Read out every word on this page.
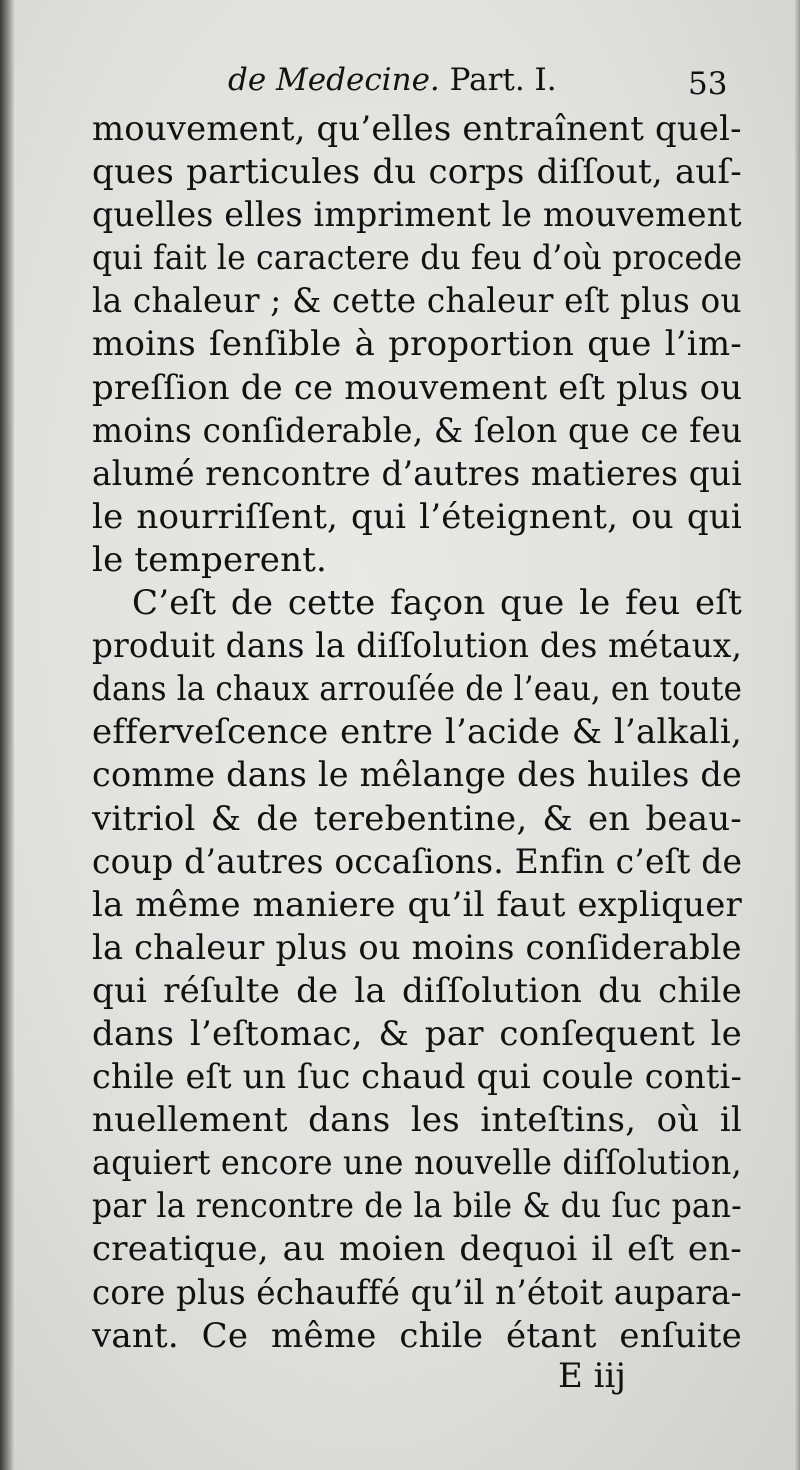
de Medecine. Part. I.	53
mouvement, qu’elles entraînent quel-
ques particules du corps diſſout, auſ-
quelles elles impriment le mouvement
qui fait le caractere du feu d’où procede
la chaleur ; & cette chaleur eſt plus ou
moins ſenſible à proportion que l’im-
preſſion de ce mouvement eſt plus ou
moins conſiderable, & ſelon que ce feu
alumé rencontre d’autres matieres qui
le nourriſſent, qui l’éteignent, ou qui
le temperent.
C’eſt de cette façon que le feu eſt
produit dans la diſſolution des métaux,
dans la chaux arrouſée de l’eau, en toute
efferveſcence entre l’acide & l’alkali,
comme dans le mêlange des huiles de
vitriol & de terebentine, & en beau-
coup d’autres occaſions. Enfin c’eſt de
la même maniere qu’il faut expliquer
la chaleur plus ou moins conſiderable
qui réſulte de la diſſolution du chile
dans l’eſtomac, & par conſequent le
chile eſt un ſuc chaud qui coule conti-
nuellement dans les inteſtins, où il
aquiert encore une nouvelle diſſolution,
par la rencontre de la bile & du ſuc pan-
creatique, au moien dequoi il eſt en-
core plus échauffé qu’il n’étoit aupara-
vant. Ce même chile étant enſuite
E iij
